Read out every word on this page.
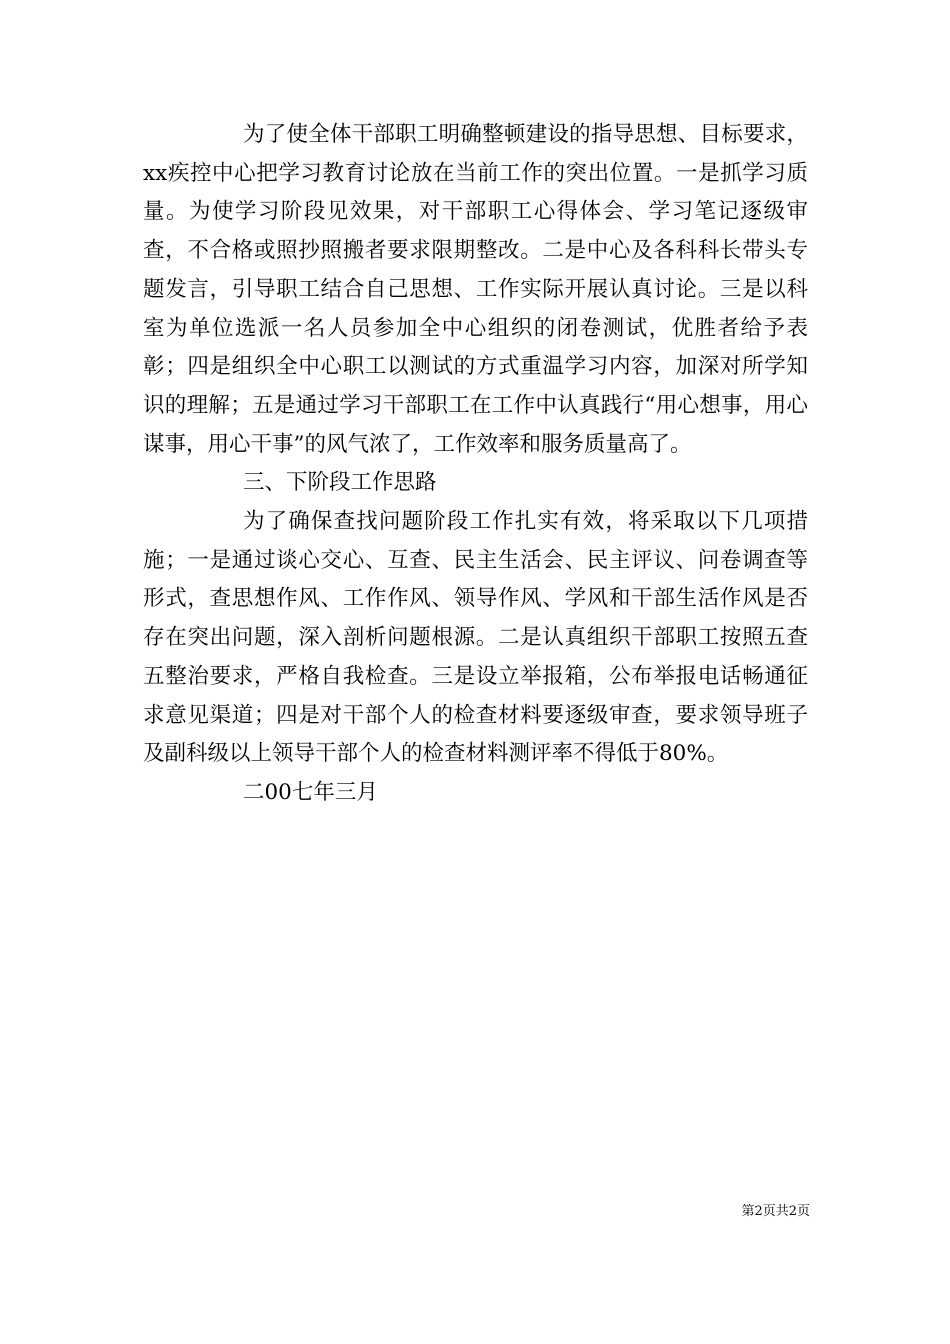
为了使全体干部职工明确整顿建设的指导思想、目标要求，xx疾控中心把学习教育讨论放在当前工作的突出位置。一是抓学习质量。为使学习阶段见效果，对干部职工心得体会、学习笔记逐级审查，不合格或照抄照搬者要求限期整改。二是中心及各科科长带头专题发言，引导职工结合自己思想、工作实际开展认真讨论。三是以科室为单位选派一名人员参加全中心组织的闭卷测试，优胜者给予表彰；四是组织全中心职工以测试的方式重温学习内容，加深对所学知识的理解；五是通过学习干部职工在工作中认真践行“用心想事，用心谋事，用心干事”的风气浓了，工作效率和服务质量高了。

三、下阶段工作思路

为了确保查找问题阶段工作扎实有效，将采取以下几项措施；一是通过谈心交心、互查、民主生活会、民主评议、问卷调查等形式，查思想作风、工作作风、领导作风、学风和干部生活作风是否存在突出问题，深入剖析问题根源。二是认真组织干部职工按照五查五整治要求，严格自我检查。三是设立举报箱，公布举报电话畅通征求意见渠道；四是对干部个人的检查材料要逐级审查，要求领导班子及副科级以上领导干部个人的检查材料测评率不得低于80%。

二00七年三月

第2页共2页
